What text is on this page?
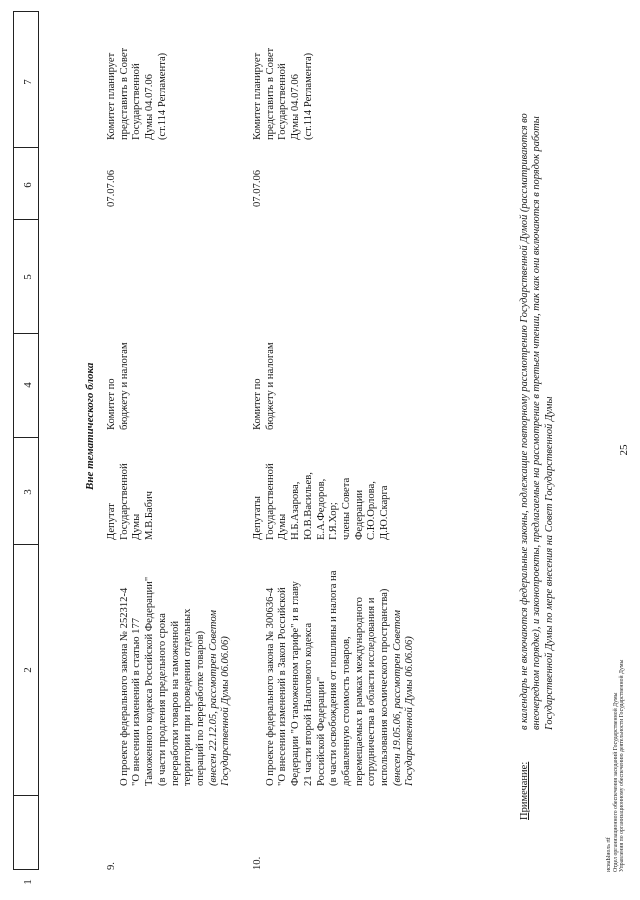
25
1
2
3
4
5
6
7
Вне тематического блока
9.

О проекте федерального закона № 252312-4
"О внесении изменений в статью 177
Таможенного кодекса Российской Федерации"
(в части продления предельного срока
переработки товаров на таможенной
территории при проведении отдельных
операций по переработке товаров)
(внесен 22.12.05, рассмотрен Советом
Государственной Думы 06.06.06)

Депутат
Государственной
Думы
М.В.Бабич
Комитет по
бюджету и налогам
07.07.06
Комитет планирует
представить в Совет
Государственной
Думы 04.07.06
(ст.114 Регламента)
10.

О проекте федерального закона № 300636-4
"О внесении изменений в Закон Российской
Федерации "О таможенном тарифе" и в главу
21 части второй Налогового кодекса
Российской Федерации"
(в части освобождения от пошлины и налога на
добавленную стоимость товаров,
перемещаемых в рамках международного
сотрудничества в области исследования и
использования космического пространства)
(внесен 19.05.06, рассмотрен Советом
Государственной Думы 06.06.06)

Депутаты
Государственной
Думы
Н.Б.Азарова,
Ю.В.Васильев,
Е.А.Федоров,
Г.Я.Хор;
члены Совета
Федерации
С.Ю.Орлова,
Д.Ю.Скарга
Комитет по
бюджету и налогам
07.07.06
Комитет планирует
представить в Совет
Государственной
Думы 04.07.06
(ст.114 Регламента)
Примечание:
в календарь не включаются федеральные законы, подлежащие повторному рассмотрению Государственной Думой (рассматриваются во внеочередном порядке), и законопроекты, предлагаемые на рассмотрение в третьем чтении, так как они включаются в порядок работы Государственной Думы по мере внесения на Совет Государственной Думы
исиаЫиоль rtf
Отдел организационного обеспечения заседаний Государственной Думы
Управления по организационному обеспечению деятельности Государственной Думы
